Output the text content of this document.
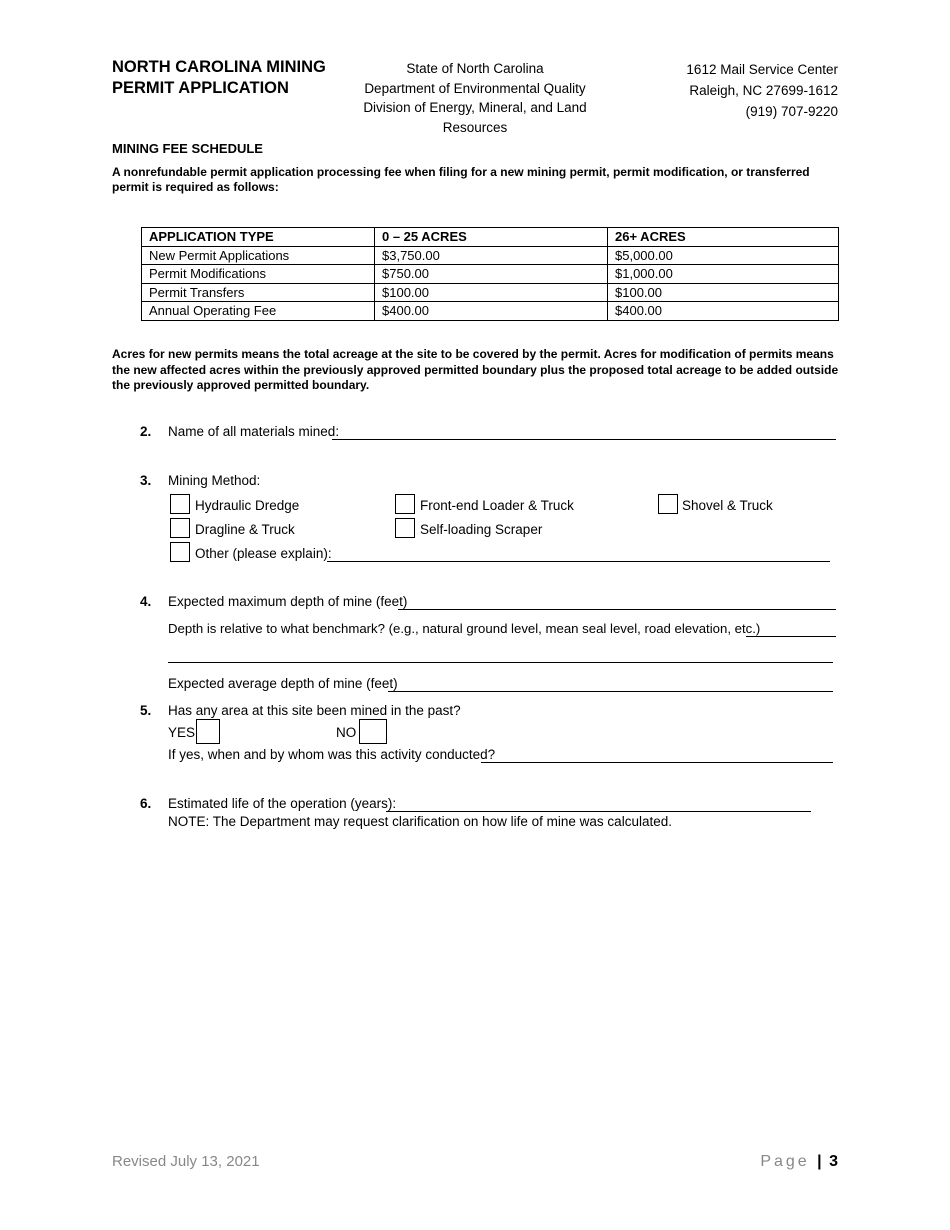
NORTH CAROLINA MINING
PERMIT APPLICATION
State of North Carolina
Department of Environmental Quality
Division of Energy, Mineral, and Land Resources
1612 Mail Service Center
Raleigh, NC 27699-1612
(919) 707-9220
MINING FEE SCHEDULE
A nonrefundable permit application processing fee when filing for a new mining permit, permit modification, or transferred permit is required as follows:
APPLICATION TYPE	0 – 25 ACRES	26+ ACRES
New Permit Applications	$3,750.00	$5,000.00
Permit Modifications	$750.00	$1,000.00
Permit Transfers	$100.00	$100.00
Annual Operating Fee	$400.00	$400.00
Acres for new permits means the total acreage at the site to be covered by the permit. Acres for modification of permits means the new affected acres within the previously approved permitted boundary plus the proposed total acreage to be added outside the previously approved permitted boundary.
2. Name of all materials mined:
3. Mining Method:
Hydraulic Dredge	Front-end Loader & Truck	Shovel & Truck
Dragline & Truck	Self-loading Scraper
Other (please explain):
4. Expected maximum depth of mine (feet)
Depth is relative to what benchmark? (e.g., natural ground level, mean seal level, road elevation, etc.)
Expected average depth of mine (feet)
5. Has any area at this site been mined in the past?
YES	NO
If yes, when and by whom was this activity conducted?
6. Estimated life of the operation (years):
NOTE: The Department may request clarification on how life of mine was calculated.
Revised July 13, 2021	Page | 3
